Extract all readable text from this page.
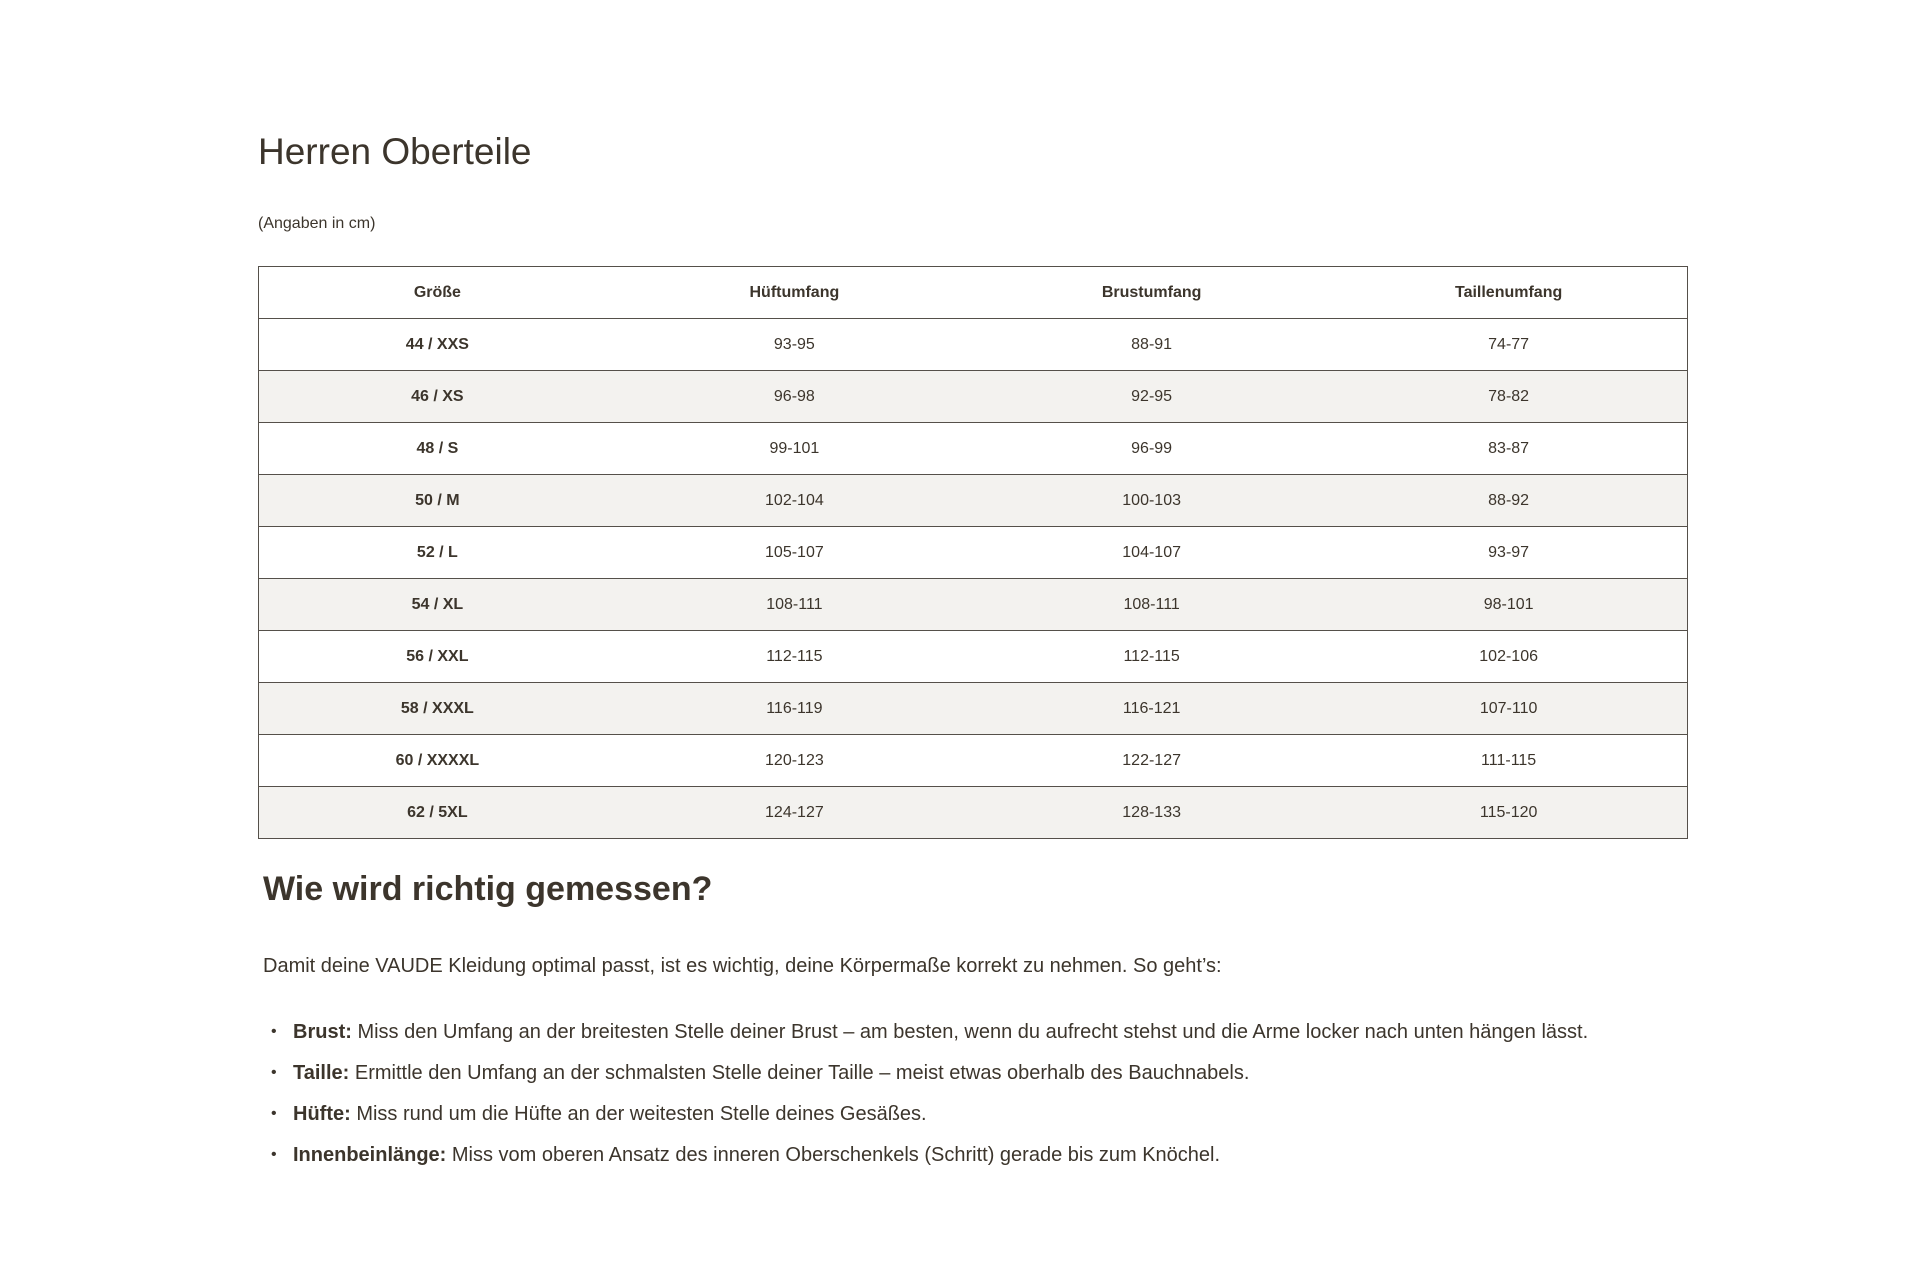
Herren Oberteile

(Angaben in cm)

Größe	Hüftumfang	Brustumfang	Taillenumfang
44 / XXS	93-95	88-91	74-77
46 / XS	96-98	92-95	78-82
48 / S	99-101	96-99	83-87
50 / M	102-104	100-103	88-92
52 / L	105-107	104-107	93-97
54 / XL	108-111	108-111	98-101
56 / XXL	112-115	112-115	102-106
58 / XXXL	116-119	116-121	107-110
60 / XXXXL	120-123	122-127	111-115
62 / 5XL	124-127	128-133	115-120
Wie wird richtig gemessen?

Damit deine VAUDE Kleidung optimal passt, ist es wichtig, deine Körpermaße korrekt zu nehmen. So geht’s:

• Brust: Miss den Umfang an der breitesten Stelle deiner Brust – am besten, wenn du aufrecht stehst und die Arme locker nach unten hängen lässt.
• Taille: Ermittle den Umfang an der schmalsten Stelle deiner Taille – meist etwas oberhalb des Bauchnabels.
• Hüfte: Miss rund um die Hüfte an der weitesten Stelle deines Gesäßes.
• Innenbeinlänge: Miss vom oberen Ansatz des inneren Oberschenkels (Schritt) gerade bis zum Knöchel.
